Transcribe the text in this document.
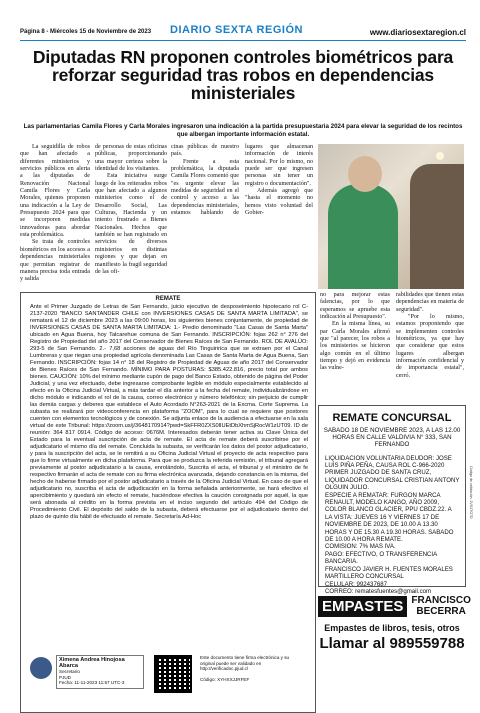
Página 8 - Miércoles 15 de Noviembre de 2023 DIARIO SEXTA REGIÓN	www.diariosextaregion.cl
Diputadas RN proponen controles biométricos para reforzar seguridad tras robos en dependencias ministeriales
Las parlamentarias Camila Flores y Carla Morales ingresaron una indicación a la partida presupuestaria 2024 para elevar la seguridad de los recintos que albergan importante información estatal.

La seguidilla de robos que han afectado a diferentes ministerios y servicios públicos en alerta a las diputadas de Renovación Nacional Camila Flores y Carla Morales, quienes proponen una indicación a la Ley de Presupuesto 2024 para que se incorporen medidas innovadoras para abordar esta problemática.

Se trata de controles biométricos en los accesos a dependencias ministeriales que permitan registrar de manera precisa toda entrada y salida

de personas de estas oficinas públicas, proporcionando una mayor certeza sobre la identidad de los visitantes.

Esta iniciativa surge luego de los reiterados robos que han afectado a algunos ministerios como el de Desarrollo Social, Las Culturas, Hacienda y un intento frustrado a Bienes Nacionales. Hechos que también se han registrado en servicios de diversos ministerios en distintas regiones y que dejan en manifiesto la fragil seguridad de las ofi-

cinas públicas de nuestro país.

Frente a esta problemática, la diputada Camila Flores comentó que "es urgente elevar las medidas de seguridad en el control y acceso a las dependencias ministeriales, estamos hablando de lugares que almacenan información de interés nacional. Por lo mismo, no puede ser que ingresen personas sin tener un registro o documentación".

Además agregó que "hasta el momento no hemos visto voluntad del Gobier-

no para mejorar estas falencias, por lo que esperamos se apruebe esta indicación al Presupuesto".

En la misma línea, su par Carla Morales afirmó que "al parecer, los robos a los ministerios se hicieron algo común en el último tiempo y dejó en evidencia las vulne-

rabilidades que tienen estas dependencias en materia de seguridad".

"Por lo mismo, estamos proponiendo que se implementen controles biométricos, ya que hay que considerar que estos lugares albergan información confidencial y de importancia estatal", cerró.

REMATE
Ante el Primer Juzgado de Letras de San Fernando, juicio ejecutivo de desposeimiento hipotecario rol C-2137-2020 "BANCO SANTANDER CHILE con INVERSIONES CASAS DE SANTA MARTA LIMITADA", se rematará el 12 de diciembre 2023 a las 09:00 horas, los siguientes bienes conjuntamente, de propiedad de INVERSIONES CASAS DE SANTA MARTA LIMITADA: 1.- Predio denominado "Las Casas de Santa Marta" ubicado en Agua Buena, hoy Talcarehue comuna de San Fernando. INSCRIPCIÓN: fojas 262 n° 276 del Registro de Propiedad del año 2017 del Conservador de Bienes Raíces de San Fernando. ROL DE AVALÚO: 293-5 de San Fernando. 2.- 7,68 acciones de aguas del Río Tinguiririca que se extraen por el Canal Lumbreras y que riegan una propiedad agrícola denominada Las Casas de Santa Marta de Agua Buena, San Fernando. INSCRIPCIÓN: fojas 14 n° 18 del Registro de Propiedad de Aguas de año 2017 del Conservador de Bienes Raíces de San Fernando. MÍNIMO PARA POSTURAS: $385.422.816, precio total por ambos bienes. CAUCIÓN: 10% del mínimo mediante cupón de pago del Banco Estado, obtenido de página del Poder Judicial, y una vez efectuado, debe ingresarse comprobante legible en módulo especialmente establecido al efecto en la Oficina Judicial Virtual, a más tardar el día anterior a la fecha del remate, individualizándose en dicho módulo e indicando el rol de la causa, correo electrónico y número telefónico; sin perjuicio de cumplir las demás cargas y deberes que establece el Auto Acordado N°263-2021 de la Excma. Corte Suprema. La subasta se realizará por videoconferencia en plataforma "ZOOM", para lo cual se requiere que postores cuenten con elementos tecnológicos y de conexión. Se adjunta enlace de la audiencia a efectuarse en la sala virtual de este Tribunal: https://zoom.us/j/3648170914?pwd=SkFFR0ZXS0lIUEtDbXhmSjRocW1zUT09. ID de reunión: 364 817 0914. Código de acceso: 0676M. Interesados deberán tener activa su Clave Única del Estado para la eventual suscripción de acta de remate. El acta de remate deberá suscribirse por el adjudicatario el mismo día del remate. Concluida la subasta, se verificarán los datos del postor adjudicatario, y para la suscripción del acta, se le remitirá a su Oficina Judicial Virtual el proyecto de acta respectivo para que lo firme virtualmente en dicha plataforma. Para que se produzca la referida remisión, el tribunal agregará previamente al postor adjudicatario a la causa, enrolándolo, Suscrita el acta, el tribunal y el ministro de fe respectivo firmarán el acta de remate con su firma electrónica avanzada, dejando constancia en la misma, del hecho de haberse firmado por el postor adjudicatario a través de la Oficina Judicial Virtual. En caso de que el adjudicatario no, suscriba el acta de adjudicación en la forma señalada anteriormente, se hará efectivo el apercibimiento y quedará sin efecto el remate, haciéndose efectiva la caución consignada por aquél, la que será abonada al crédito en la forma prevista en el inciso segundo del artículo 494 del Código de Procedimiento Civil. El depósito del saldo de la subasta, deberá efectuarse por el adjudicatario dentro del plazo de quinto día hábil de efectuado el remate. Secretaría Ad-Hoc
Ximena Andrea Hinojosa Abarca
Secretario
PJUD
Fecha: 11-11-2023 11:57 UTC-3
Este documento tiene firma electrónica y su original puede ser validado en http://verificadoc.pjud.cl

Código: XYHXXJJRFEF
REMATE CONCURSAL
SABADO 18 DE NOVIEMBRE 2023, A LAS 12.00 HORAS EN CALLE VALDIVIA N° 333, SAN FERNANDO
LIQUIDACION VOLUNTARIA DEUDOR: JOSE LUIS PIÑA PEÑA, CAUSA ROL C-966-2020 PRIMER JUZGADO DE SANTA CRUZ, LIQUIDADOR CONCURSAL CRISTIAN ANTONY OLGUIN JULIO.
ESPECIE A REMATAR: FURGON MARCA RENAULT, MODELO KANGO, AÑO 2009, COLOR BLANCO GLACIER, PPU CBDZ.22. A LA VISTA: JUEVES 16 Y VIERNES 17 DE NOVIEMBRE DE 2023, DE 10.00 A 13.30 HORAS Y DE 15.30 A 19.30 HORAS. SABADO DE 10.00 A HORA REMATE.
COMISION: 7% MAS IVA.
PAGO: EFECTIVO, O TRANSFERENCIA BANCARIA.
FRANCISCO JAVIER H. FUENTES MORALES
MARTILLERO CONCURSAL
CELULAR: 992437687
CORREO: rematesfuentes@gmail.com
Código de validación: 2VGJTG7D
EMPASTES FRANCISCO BECERRA
Empastes de libros, tesis, otros
Llamar al 989559788
